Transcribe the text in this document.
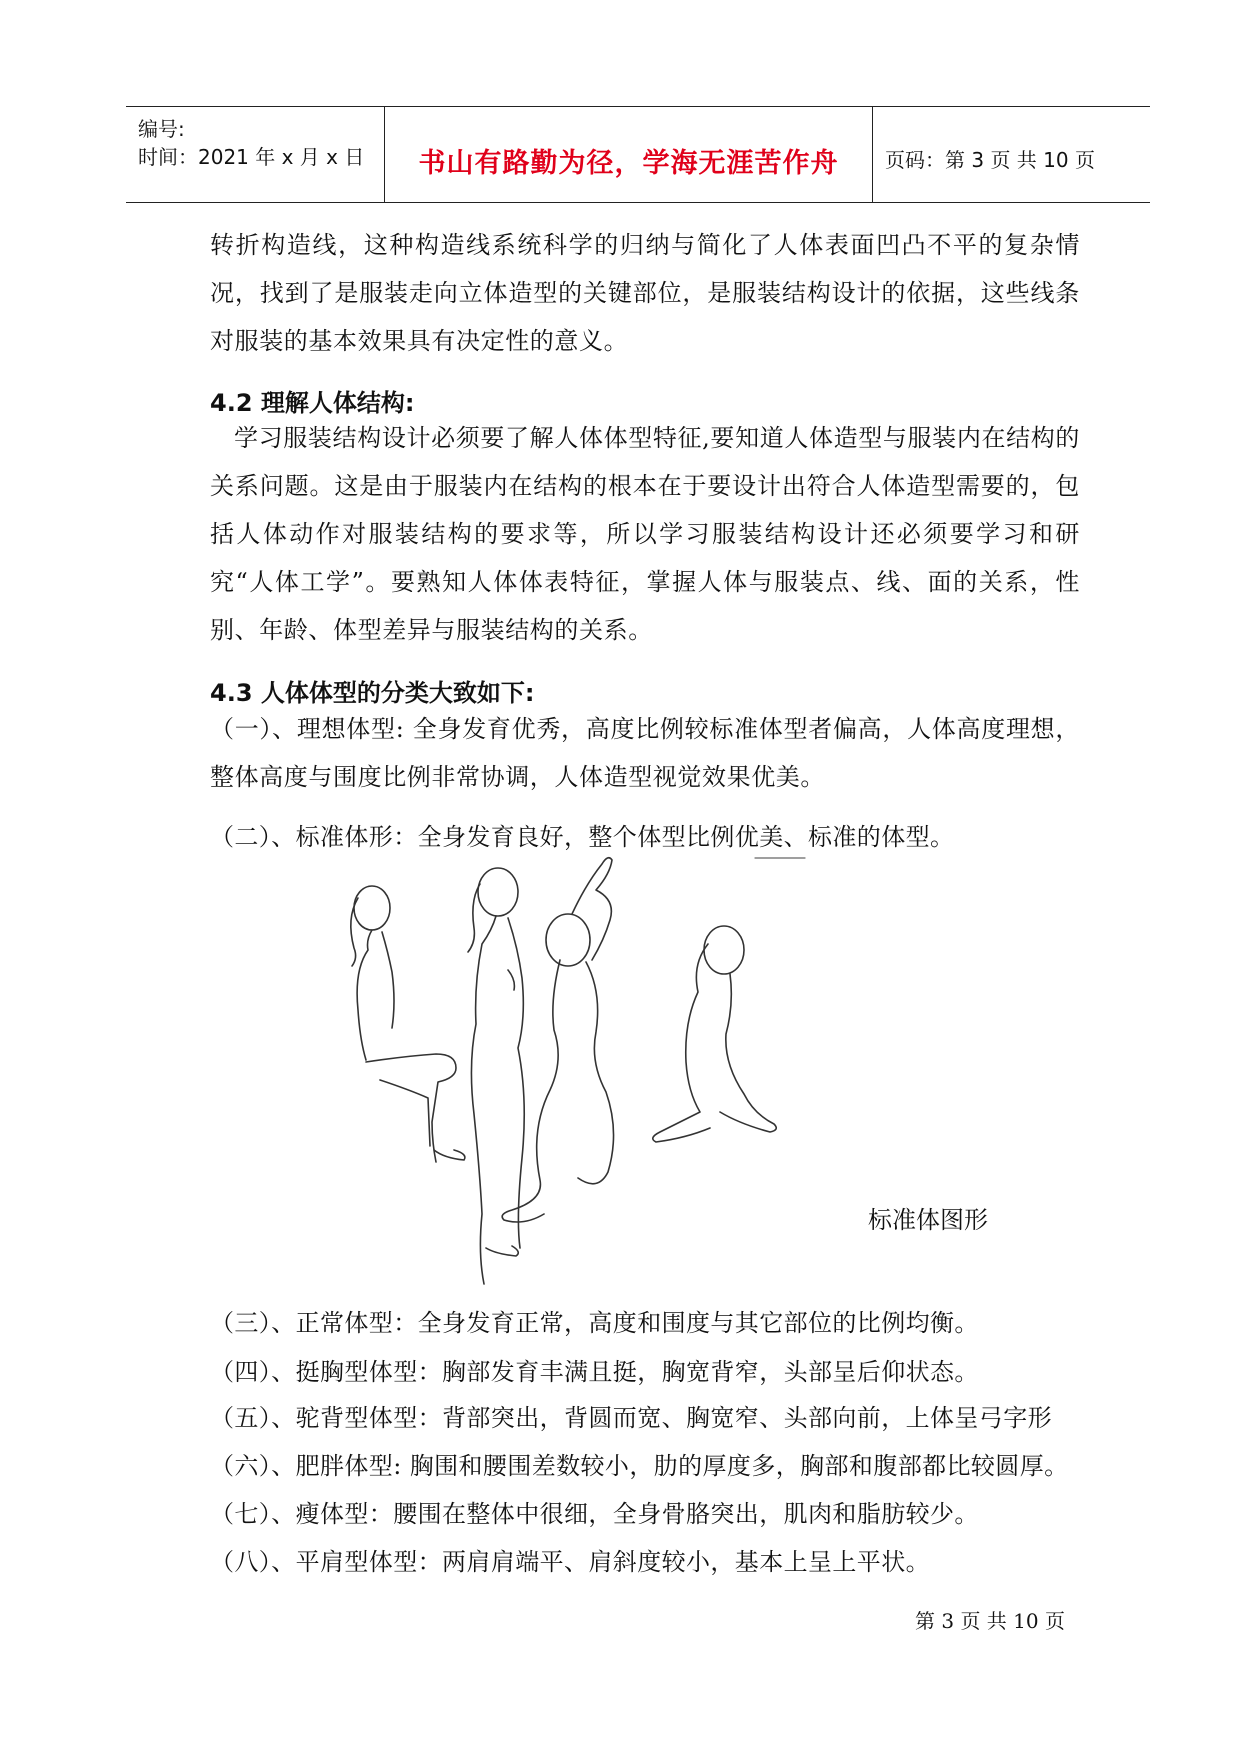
编号:
时间：2021 年 x 月 x 日	书山有路勤为径，学海无涯苦作舟	页码：第 3 页 共 10 页

转折构造线，这种构造线系统科学的归纳与简化了人体表面凹凸不平的复杂情况，找到了是服装走向立体造型的关键部位，是服装结构设计的依据，这些线条对服装的基本效果具有决定性的意义。

4.2 理解人体结构:

学习服装结构设计必须要了解人体体型特征,要知道人体造型与服装内在结构的关系问题。这是由于服装内在结构的根本在于要设计出符合人体造型需要的，包括人体动作对服装结构的要求等，所以学习服装结构设计还必须要学习和研究“人体工学”。要熟知人体体表特征，掌握人体与服装点、线、面的关系，性别、年龄、体型差异与服装结构的关系。

4.3 人体体型的分类大致如下:

（一）、理想体型: 全身发育优秀，高度比例较标准体型者偏高，人体高度理想，整体高度与围度比例非常协调，人体造型视觉效果优美。

（二）、标准体形：全身发育良好，整个体型比例优美、标准的体型。

标准体图形

（三）、正常体型：全身发育正常，高度和围度与其它部位的比例均衡。

（四）、挺胸型体型：胸部发育丰满且挺，胸宽背窄，头部呈后仰状态。

（五）、驼背型体型：背部突出，背圆而宽、胸宽窄、头部向前，上体呈弓字形

（六）、肥胖体型: 胸围和腰围差数较小，肋的厚度多，胸部和腹部都比较圆厚。

（七）、瘦体型：腰围在整体中很细，全身骨胳突出，肌肉和脂肪较少。

（八）、平肩型体型：两肩肩端平、肩斜度较小，基本上呈上平状。

第 3 页 共 10 页
